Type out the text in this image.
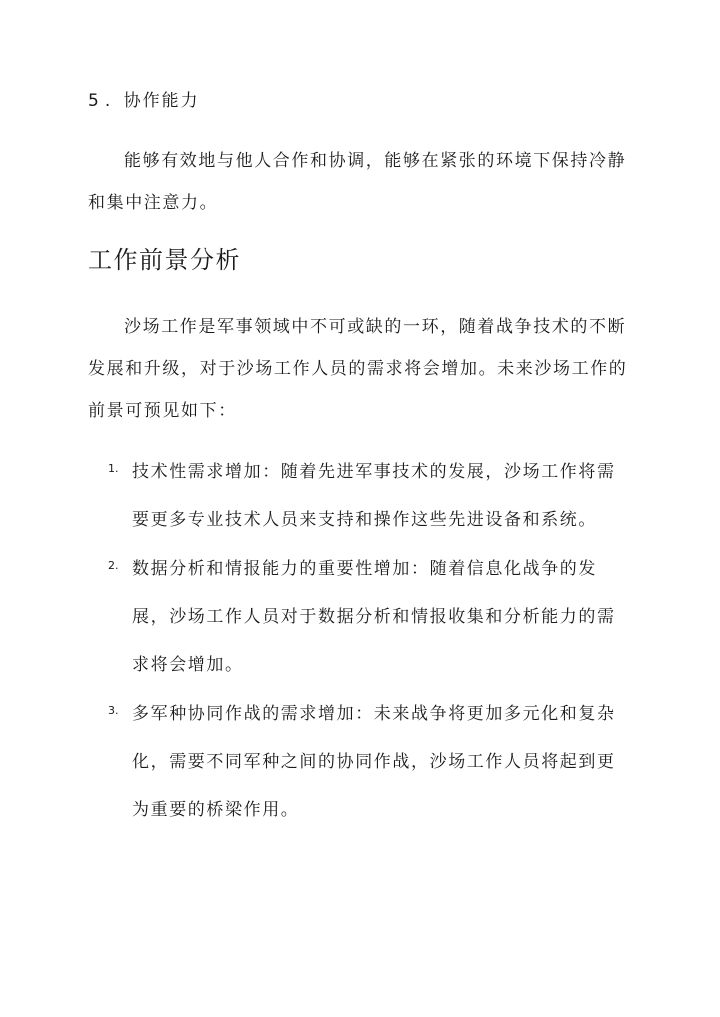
5. 协作能力

能够有效地与他人合作和协调，能够在紧张的环境下保持冷静和集中注意力。

工作前景分析

沙场工作是军事领域中不可或缺的一环，随着战争技术的不断发展和升级，对于沙场工作人员的需求将会增加。未来沙场工作的前景可预见如下：

1. 技术性需求增加：随着先进军事技术的发展，沙场工作将需要更多专业技术人员来支持和操作这些先进设备和系统。
2. 数据分析和情报能力的重要性增加：随着信息化战争的发展，沙场工作人员对于数据分析和情报收集和分析能力的需求将会增加。
3. 多军种协同作战的需求增加：未来战争将更加多元化和复杂化，需要不同军种之间的协同作战，沙场工作人员将起到更为重要的桥梁作用。
